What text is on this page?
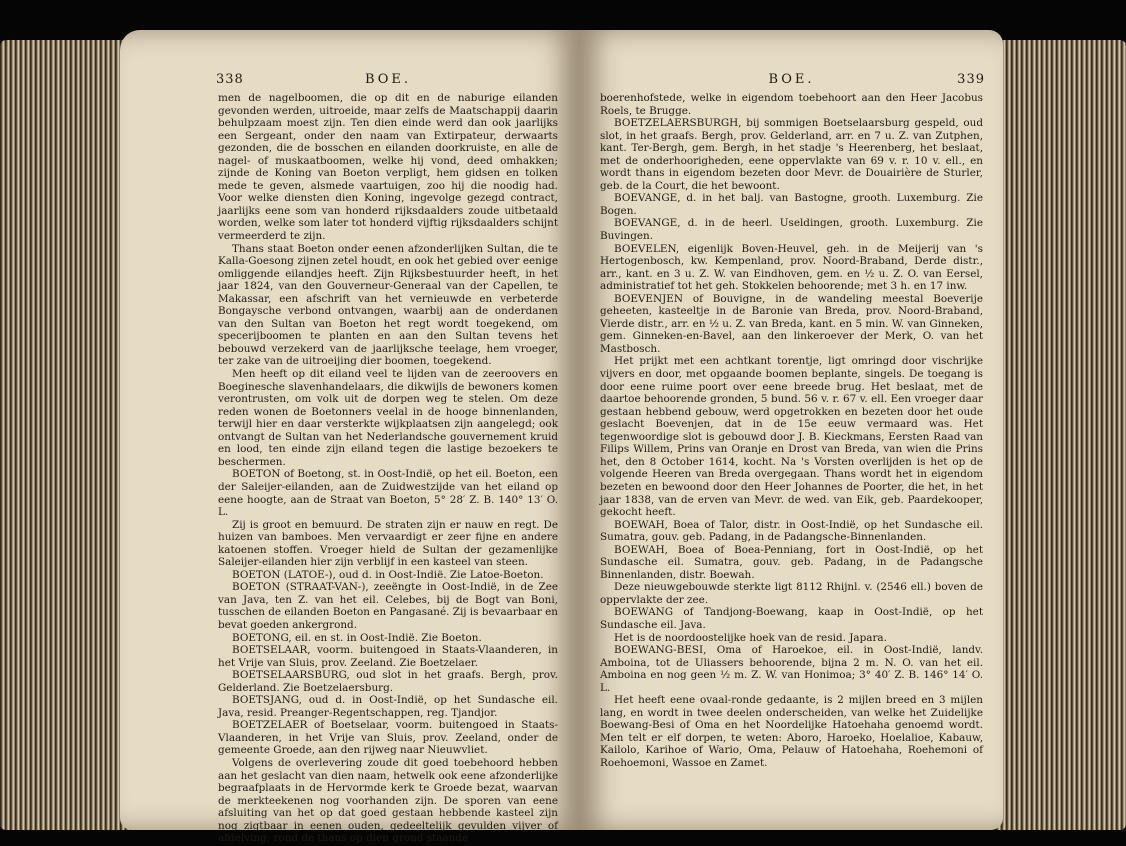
338	BOE.

men de nagelboomen, die op dit en de naburige eilanden gevonden werden, uitroeide, maar zelfs de Maatschappij daarin behulpzaam moest zijn. Ten dien einde werd dan ook jaarlijks een Sergeant, onder den naam van Extirpateur, derwaarts gezonden, die de bosschen en eilanden doorkruiste, en alle de nagel- of muskaatboomen, welke hij vond, deed omhakken; zijnde de Koning van Boeton verpligt, hem gidsen en tolken mede te geven, alsmede vaartuigen, zoo hij die noodig had. Voor welke diensten dien Koning, ingevolge gezegd contract, jaarlijks eene som van honderd rijksdaalders zoude uitbetaald worden, welke som later tot honderd vijftig rijksdaalders schijnt vermeerderd te zijn.

Thans staat Boeton onder eenen afzonderlijken Sultan, die te Kalla-Goesong zijnen zetel houdt, en ook het gebied over eenige omliggende eilandjes heeft. Zijn Rijksbestuurder heeft, in het jaar 1824, van den Gouverneur-Generaal van der Capellen, te Makassar, een afschrift van het vernieuwde en verbeterde Bongaysche verbond ontvangen, waarbij aan de onderdanen van den Sultan van Boeton het regt wordt toegekend, om specerijboomen te planten en aan den Sultan tevens het bebouwd verzekerd van de jaarlijksche teelage, hem vroeger, ter zake van de uitroeijing dier boomen, toegekend.

Men heeft op dit eiland veel te lijden van de zeeroovers en Boeginesche slavenhandelaars, die dikwijls de bewoners komen verontrusten, om volk uit de dorpen weg te stelen. Om deze reden wonen de Boetonners veelal in de hooge binnenlanden, terwijl hier en daar versterkte wijkplaatsen zijn aangelegd; ook ontvangt de Sultan van het Nederlandsche gouvernement kruid en lood, ten einde zijn eiland tegen die lastige bezoekers te beschermen.

BOETON of Boetong, st. in Oost-Indië, op het eil. Boeton, een der Saleijer-eilanden, aan de Zuidwestzijde van het eiland op eene hoogte, aan de Straat van Boeton, 5° 28′ Z. B. 140° 13′ O. L.

Zij is groot en bemuurd. De straten zijn er nauw en regt. De huizen van bamboes. Men vervaardigt er zeer fijne en andere katoenen stoffen. Vroeger hield de Sultan der gezamenlijke Saleijer-eilanden hier zijn verblijf in een kasteel van steen.

BOETON (LATOE-), oud d. in Oost-Indië. Zie Latoe-Boeton.

BOETON (STRAAT-VAN-), zeeëngte in Oost-Indië, in de Zee van Java, ten Z. van het eil. Celebes, bij de Bogt van Boni, tusschen de eilanden Boeton en Pangasané. Zij is bevaarbaar en bevat goeden ankergrond.

BOETONG, eil. en st. in Oost-Indië. Zie Boeton.

BOETSELAAR, voorm. buitengoed in Staats-Vlaanderen, in het Vrije van Sluis, prov. Zeeland. Zie Boetzelaer.

BOETSELAARSBURG, oud slot in het graafs. Bergh, prov. Gelderland. Zie Boetzelaersburg.

BOETSJANG, oud d. in Oost-Indië, op het Sundasche eil. Java, resid. Preanger-Regentschappen, reg. Tjandjor.

BOETZELAER of Boetselaar, voorm. buitengoed in Staats-Vlaanderen, in het Vrije van Sluis, prov. Zeeland, onder de gemeente Groede, aan den rijweg naar Nieuwvliet.

Volgens de overlevering zoude dit goed toebehoord hebben aan het geslacht van dien naam, hetwelk ook eene afzonderlijke begraafplaats in de Hervormde kerk te Groede bezat, waarvan de merkteekenen nog voorhanden zijn. De sporen van eene afsluiting van het op dat goed gestaan hebbende kasteel zijn nog zigtbaar in eenen ouden, gedeeltelijk gevulden vijver of afdelving; rond de thans op dien grond staande

BOE.	339

boerenhofstede, welke in eigendom toebehoort aan den Heer Jacobus Roels, te Brugge.

BOETZELAERSBURGH, bij sommigen Boetselaarsburg gespeld, oud slot, in het graafs. Bergh, prov. Gelderland, arr. en 7 u. Z. van Zutphen, kant. Ter-Bergh, gem. Bergh, in het stadje 's Heerenberg, het beslaat, met de onderhoorigheden, eene oppervlakte van 69 v. r. 10 v. ell., en wordt thans in eigendom bezeten door Mevr. de Douairière de Sturler, geb. de la Court, die het bewoont.

BOEVANGE, d. in het balj. van Bastogne, grooth. Luxemburg. Zie Bogen.

BOEVANGE, d. in de heerl. Useldingen, grooth. Luxemburg. Zie Buvingen.

BOEVELEN, eigenlijk Boven-Heuvel, geh. in de Meijerij van 's Hertogenbosch, kw. Kempenland, prov. Noord-Braband, Derde distr., arr., kant. en 3 u. Z. W. van Eindhoven, gem. en ½ u. Z. O. van Eersel, administratief tot het geh. Stokkelen behoorende; met 3 h. en 17 inw.

BOEVENJEN of Bouvigne, in de wandeling meestal Boeverije geheeten, kasteeltje in de Baronie van Breda, prov. Noord-Braband, Vierde distr., arr. en ½ u. Z. van Breda, kant. en 5 min. W. van Ginneken, gem. Ginneken-en-Bavel, aan den linkeroever der Merk, O. van het Mastbosch.

Het prijkt met een achtkant torentje, ligt omringd door vischrijke vijvers en door, met opgaande boomen beplante, singels. De toegang is door eene ruime poort over eene breede brug. Het beslaat, met de daartoe behoorende gronden, 5 bund. 56 v. r. 67 v. ell. Een vroeger daar gestaan hebbend gebouw, werd opgetrokken en bezeten door het oude geslacht Boevenjen, dat in de 15e eeuw vermaard was. Het tegenwoordige slot is gebouwd door J. B. Kieckmans, Eersten Raad van Filips Willem, Prins van Oranje en Drost van Breda, van wien die Prins het, den 8 October 1614, kocht. Na 's Vorsten overlijden is het op de volgende Heeren van Breda overgegaan. Thans wordt het in eigendom bezeten en bewoond door den Heer Johannes de Poorter, die het, in het jaar 1838, van de erven van Mevr. de wed. van Eik, geb. Paardekooper, gekocht heeft.

BOEWAH, Boea of Talor, distr. in Oost-Indië, op het Sundasche eil. Sumatra, gouv. geb. Padang, in de Padangsche-Binnenlanden.

BOEWAH, Boea of Boea-Penniang, fort in Oost-Indië, op het Sundasche eil. Sumatra, gouv. geb. Padang, in de Padangsche Binnenlanden, distr. Boewah.

Deze nieuwgebouwde sterkte ligt 8112 Rhijnl. v. (2546 ell.) boven de oppervlakte der zee.

BOEWANG of Tandjong-Boewang, kaap in Oost-Indië, op het Sundasche eil. Java.

Het is de noordoostelijke hoek van de resid. Japara.

BOEWANG-BESI, Oma of Haroekoe, eil. in Oost-Indië, landv. Amboina, tot de Uliassers behoorende, bijna 2 m. N. O. van het eil. Amboina en nog geen ½ m. Z. W. van Honimoa; 3° 40′ Z. B. 146° 14′ O. L.

Het heeft eene ovaal-ronde gedaante, is 2 mijlen breed en 3 mijlen lang, en wordt in twee deelen onderscheiden, van welke het Zuidelijke Boewang-Besi of Oma en het Noordelijke Hatoehaha genoemd wordt. Men telt er elf dorpen, te weten: Aboro, Haroeko, Hoelalioe, Kabauw, Kailolo, Karihoe of Wario, Oma, Pelauw of Hatoehaha, Roehemoni of Roehoemoni, Wassoe en Zamet.
